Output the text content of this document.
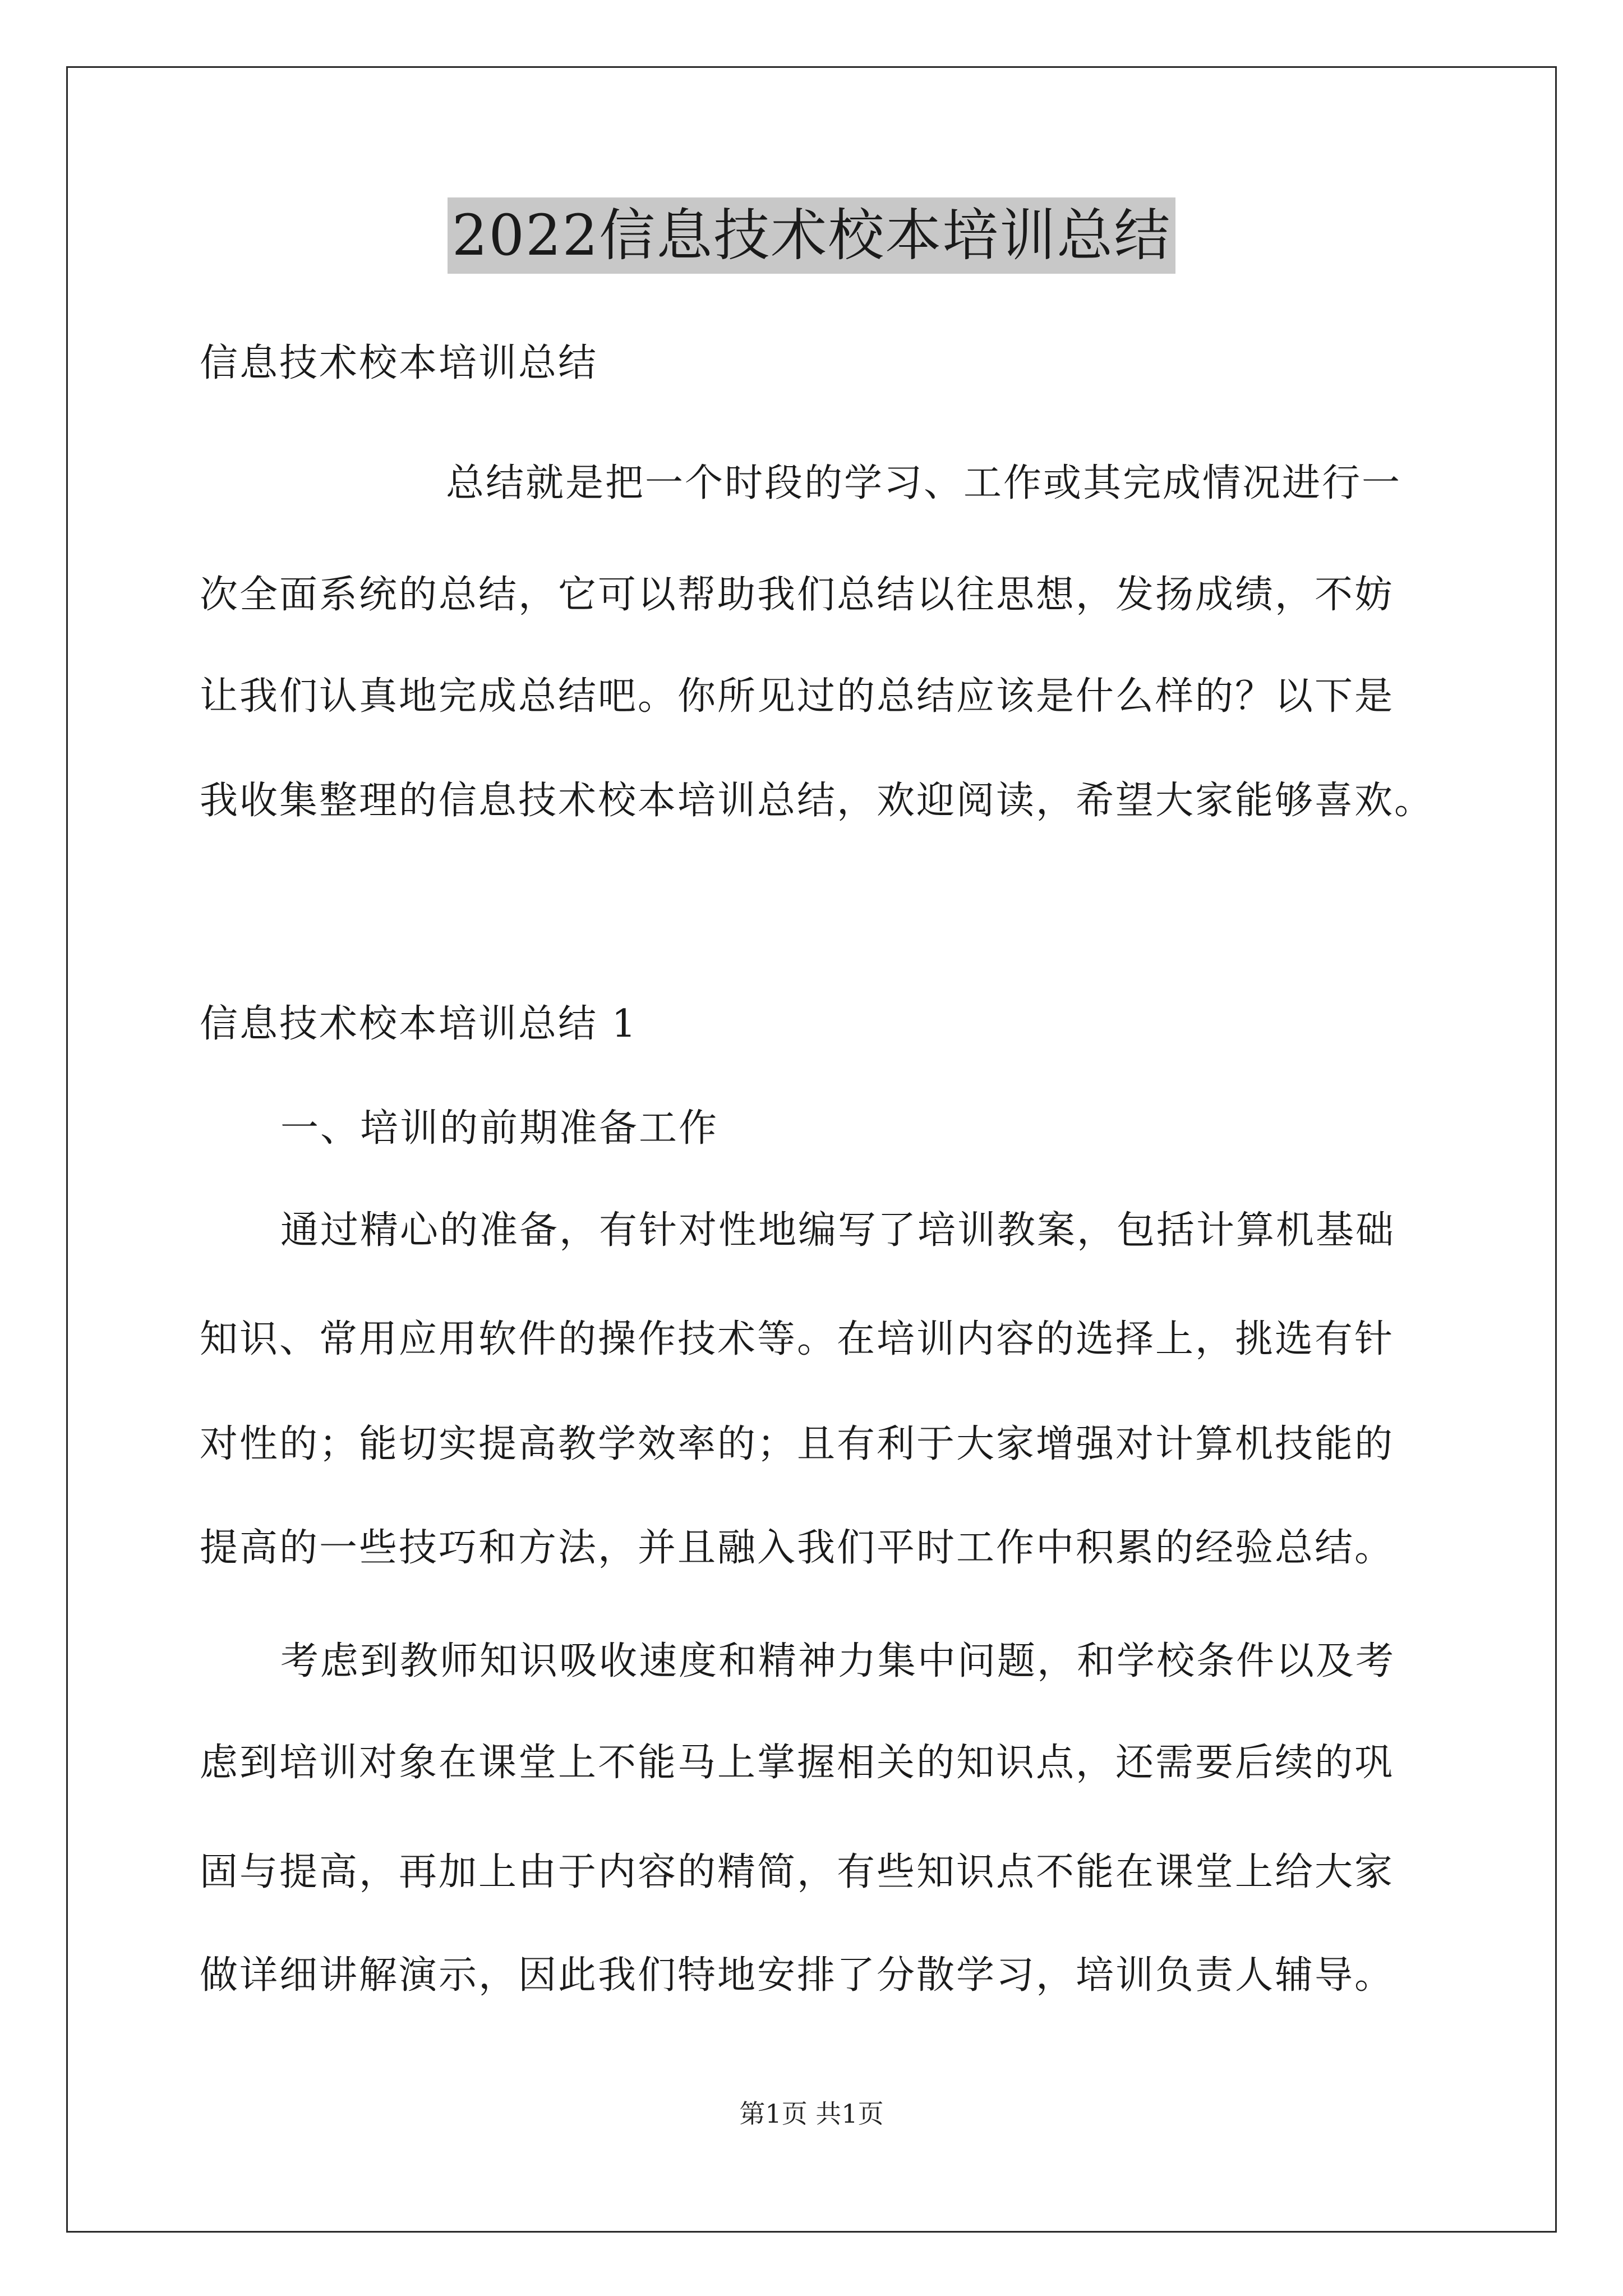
2022信息技术校本培训总结
信息技术校本培训总结
总结就是把一个时段的学习、工作或其完成情况进行一
次全面系统的总结，它可以帮助我们总结以往思想，发扬成绩，不妨
让我们认真地完成总结吧。你所见过的总结应该是什么样的？以下是
我收集整理的信息技术校本培训总结，欢迎阅读，希望大家能够喜欢。
信息技术校本培训总结 1
一、培训的前期准备工作
通过精心的准备，有针对性地编写了培训教案，包括计算机基础
知识、常用应用软件的操作技术等。在培训内容的选择上，挑选有针
对性的；能切实提高教学效率的；且有利于大家增强对计算机技能的
提高的一些技巧和方法，并且融入我们平时工作中积累的经验总结。
考虑到教师知识吸收速度和精神力集中问题，和学校条件以及考
虑到培训对象在课堂上不能马上掌握相关的知识点，还需要后续的巩
固与提高，再加上由于内容的精简，有些知识点不能在课堂上给大家
做详细讲解演示，因此我们特地安排了分散学习，培训负责人辅导。
第1页 共1页
